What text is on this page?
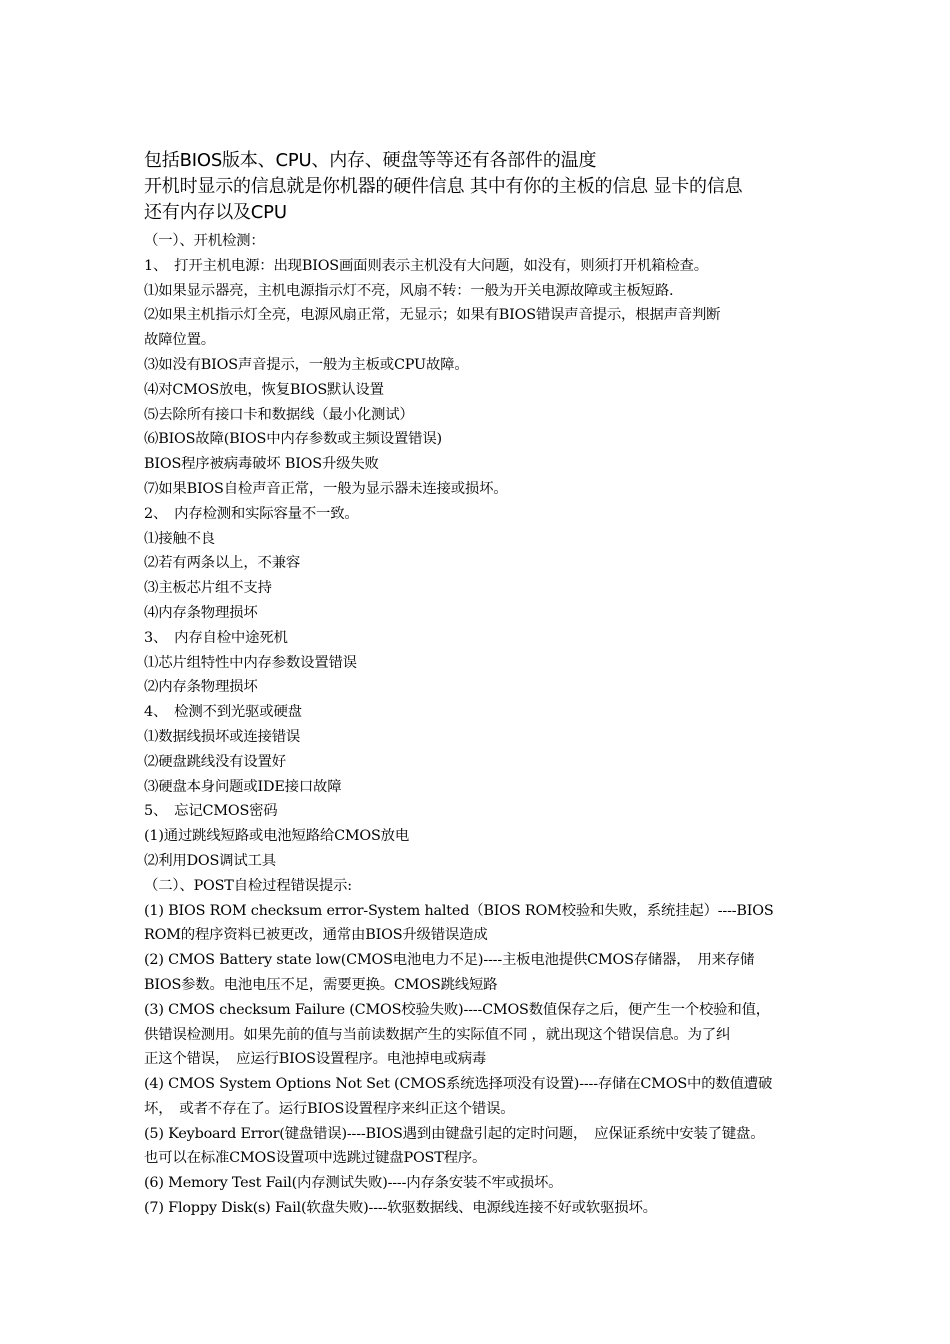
包括BIOS版本、CPU、内存、硬盘等等还有各部件的温度
开机时显示的信息就是你机器的硬件信息 其中有你的主板的信息 显卡的信息
还有内存以及CPU
（一）、开机检测：
1、　打开主机电源：出现BIOS画面则表示主机没有大问题，如没有，则须打开机箱检查。
⑴如果显示器亮，主机电源指示灯不亮，风扇不转：一般为开关电源故障或主板短路.
⑵如果主机指示灯全亮，电源风扇正常，无显示；如果有BIOS错误声音提示，根据声音判断
故障位置。
⑶如没有BIOS声音提示，一般为主板或CPU故障。
⑷对CMOS放电，恢复BIOS默认设置
⑸去除所有接口卡和数据线（最小化测试）
⑹BIOS故障(BIOS中内存参数或主频设置错误)
BIOS程序被病毒破坏 BIOS升级失败
⑺如果BIOS自检声音正常，一般为显示器未连接或损坏。
2、　内存检测和实际容量不一致。
⑴接触不良
⑵若有两条以上，不兼容
⑶主板芯片组不支持
⑷内存条物理损坏
3、　内存自检中途死机
⑴芯片组特性中内存参数设置错误
⑵内存条物理损坏
4、　检测不到光驱或硬盘
⑴数据线损坏或连接错误
⑵硬盘跳线没有设置好
⑶硬盘本身问题或IDE接口故障
5、　忘记CMOS密码
(1)通过跳线短路或电池短路给CMOS放电
⑵利用DOS调试工具
（二）、POST自检过程错误提示:
(1) BIOS ROM checksum error-System halted（BIOS ROM校验和失败，系统挂起）----BIOS
ROM的程序资料已被更改，通常由BIOS升级错误造成
(2) CMOS Battery state low(CMOS电池电力不足)----主板电池提供CMOS存储器，　用来存储
BIOS参数。电池电压不足，需要更换。CMOS跳线短路
(3) CMOS checksum Failure (CMOS校验失败)----CMOS数值保存之后，便产生一个校验和值，
供错误检测用。如果先前的值与当前读数据产生的实际值不同 ，就出现这个错误信息。为了纠
正这个错误，　应运行BIOS设置程序。电池掉电或病毒
(4) CMOS System Options Not Set (CMOS系统选择项没有设置)----存储在CMOS中的数值遭破
坏，　或者不存在了。运行BIOS设置程序来纠正这个错误。
(5) Keyboard Error(键盘错误)----BIOS遇到由键盘引起的定时问题，　应保证系统中安装了键盘。
也可以在标准CMOS设置项中选跳过键盘POST程序。
(6) Memory Test Fail(内存测试失败)----内存条安装不牢或损坏。
(7) Floppy Disk(s) Fail(软盘失败)----软驱数据线、电源线连接不好或软驱损坏。
